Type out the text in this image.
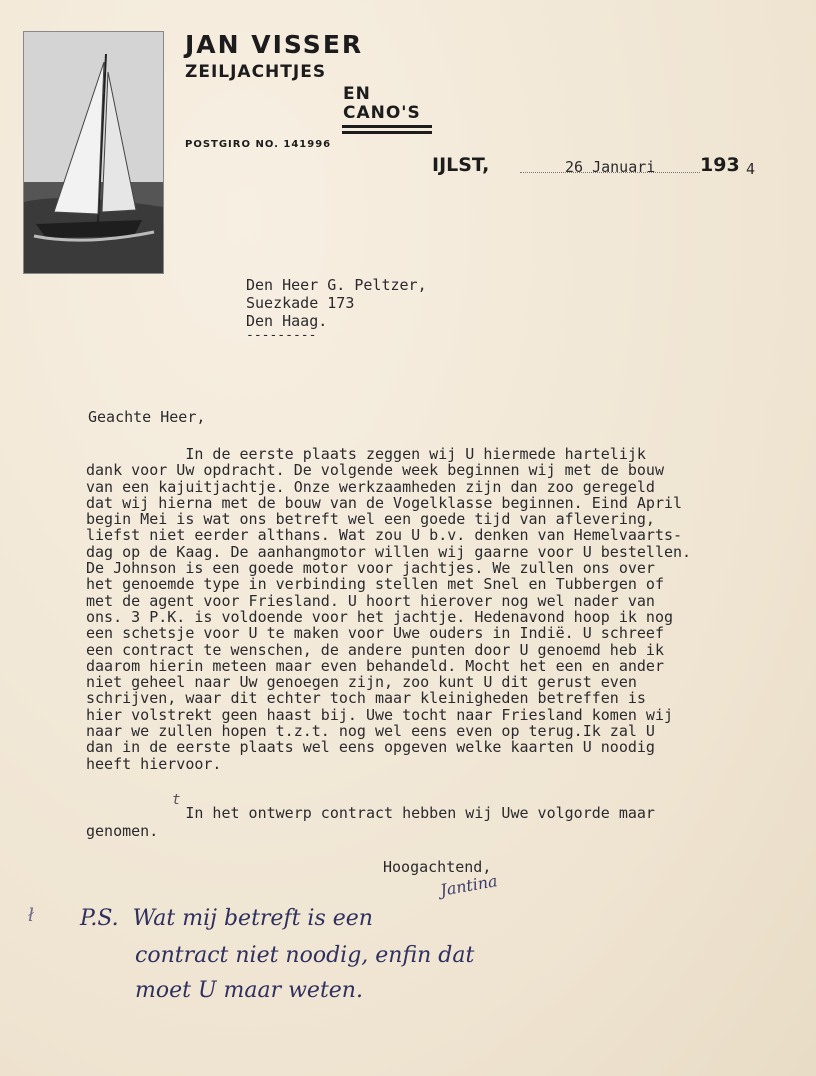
JAN VISSER
ZEILJACHTJES
EN
CANO'S
POSTGIRO NO. 141996
IJLST,	26 Januari 193 4
Den Heer G. Peltzer,
Suezkade 173
Den Haag.
---------
Geachte Heer,
In de eerste plaats zeggen wij U hiermede hartelijk
dank voor Uw opdracht. De volgende week beginnen wij met de bouw
van een kajuitjachtje. Onze werkzaamheden zijn dan zoo geregeld
dat wij hierna met de bouw van de Vogelklasse beginnen. Eind April
begin Mei is wat ons betreft wel een goede tijd van aflevering,
liefst niet eerder althans. Wat zou U b.v. denken van Hemelvaarts-
dag op de Kaag. De aanhangmotor willen wij gaarne voor U bestellen.
De Johnson is een goede motor voor jachtjes. We zullen ons over
het genoemde type in verbinding stellen met Snel en Tubbergen of
met de agent voor Friesland. U hoort hierover nog wel nader van
ons. 3 P.K. is voldoende voor het jachtje. Hedenavond hoop ik nog
een schetsje voor U te maken voor Uwe ouders in Indië. U schreef
een contract te wenschen, de andere punten door U genoemd heb ik
daarom hierin meteen maar even behandeld. Mocht het een en ander
niet geheel naar Uw genoegen zijn, zoo kunt U dit gerust even
schrijven, waar dit echter toch maar kleinigheden betreffen is
hier volstrekt geen haast bij. Uwe tocht naar Friesland komen wij
naar we zullen hopen t.z.t. nog wel eens even op terug.Ik zal U
dan in de eerste plaats wel eens opgeven welke kaarten U noodig
heeft hiervoor.
t
In het ontwerp contract hebben wij Uwe volgorde maar
genomen.
Hoogachtend,
Jantina
ł P.S.  Wat mij betreft is een
contract niet noodig, enfin dat
moet U maar weten.
